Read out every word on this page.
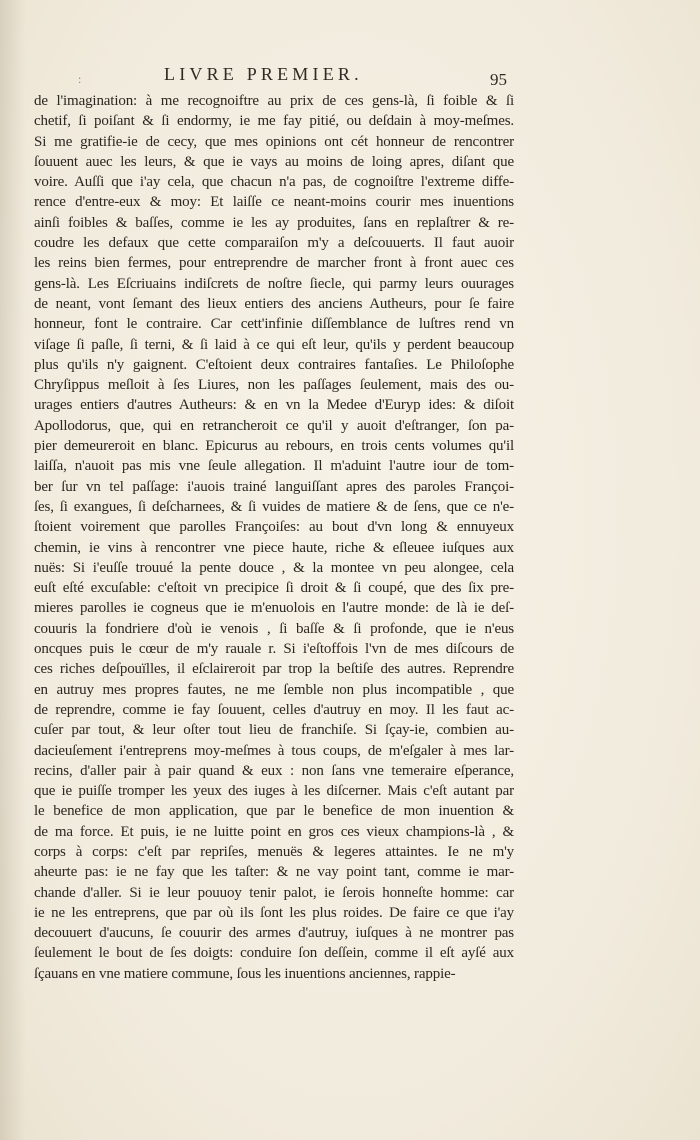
:	LIVRE PREMIER.	95
de l'imagination: à me recognoiftre au prix de ces gens-là, ſi foible & ſi
chetif, ſi poiſant & ſi endormy, ie me fay pitié, ou deſdain à moy-meſmes.
Si me gratifie-ie de cecy, que mes opinions ont cét honneur de rencontrer
ſouuent auec les leurs, & que ie vays au moins de loing apres, diſant que
voire. Auſſi que i'ay cela, que chacun n'a pas, de cognoiſtre l'extreme diffe-
rence d'entre-eux & moy: Et laiſſe ce neant-moins courir mes inuentions
ainſi foibles & baſſes, comme ie les ay produites, ſans en replaſtrer & re-
coudre les defaux que cette comparaiſon m'y a deſcouuerts. Il faut auoir
les reins bien fermes, pour entreprendre de marcher front à front auec ces
gens-là. Les Eſcriuains indiſcrets de noſtre ſiecle, qui parmy leurs ouurages
de neant, vont ſemant des lieux entiers des anciens Autheurs, pour ſe faire
honneur, font le contraire. Car cett'infinie diſſemblance de luſtres rend vn
viſage ſi paſle, ſi terni, & ſi laid à ce qui eſt leur, qu'ils y perdent beaucoup
plus qu'ils n'y gaignent. C'eſtoient deux contraires fantaſies. Le Philoſophe
Chryſippus meſloit à ſes Liures, non les paſſages ſeulement, mais des ou-
urages entiers d'autres Autheurs: & en vn la Medee d'Euryp ides: & diſoit
Apollodorus, que, qui en retrancheroit ce qu'il y auoit d'eſtranger, ſon pa-
pier demeureroit en blanc. Epicurus au rebours, en trois cents volumes qu'il
laiſſa, n'auoit pas mis vne ſeule allegation. Il m'aduint l'autre iour de tom-
ber ſur vn tel paſſage: i'auois trainé languiſſant apres des paroles Françoi-
ſes, ſi exangues, ſi deſcharnees, & ſi vuides de matiere & de ſens, que ce n'e-
ſtoient voirement que parolles Françoiſes: au bout d'vn long & ennuyeux
chemin, ie vins à rencontrer vne piece haute, riche & eſleuee iuſques aux
nuës: Si i'euſſe trouué la pente douce , & la montee vn peu alongee, cela
euſt eſté excuſable: c'eſtoit vn precipice ſi droit & ſi coupé, que des ſix pre-
mieres parolles ie cogneus que ie m'enuolois en l'autre monde: de là ie deſ-
couuris la fondriere d'où ie venois , ſi baſſe & ſi profonde, que ie n'eus
oncques puis le cœur de m'y rauale r. Si i'eſtoffois l'vn de mes diſcours de
ces riches deſpouïlles, il eſclaireroit par trop la beſtiſe des autres. Reprendre
en autruy mes propres fautes, ne me ſemble non plus incompatible , que
de reprendre, comme ie fay ſouuent, celles d'autruy en moy. Il les faut ac-
cuſer par tout, & leur oſter tout lieu de franchiſe. Si ſçay-ie, combien au-
dacieuſement i'entreprens moy-meſmes à tous coups, de m'eſgaler à mes lar-
recins, d'aller pair à pair quand & eux : non ſans vne temeraire eſperance,
que ie puiſſe tromper les yeux des iuges à les diſcerner. Mais c'eſt autant par
le benefice de mon application, que par le benefice de mon inuention &
de ma force. Et puis, ie ne luitte point en gros ces vieux champions-là , &
corps à corps: c'eſt par repriſes, menuës & legeres attaintes. Ie ne m'y
aheurte pas: ie ne fay que les taſter: & ne vay point tant, comme ie mar-
chande d'aller. Si ie leur pouuoy tenir palot, ie ſerois honneſte homme: car
ie ne les entreprens, que par où ils ſont les plus roides. De faire ce que i'ay
decouuert d'aucuns, ſe couurir des armes d'autruy, iuſques à ne montrer pas
ſeulement le bout de ſes doigts: conduire ſon deſſein, comme il eſt ayſé aux
ſçauans en vne matiere commune, ſous les inuentions anciennes, rappie-
